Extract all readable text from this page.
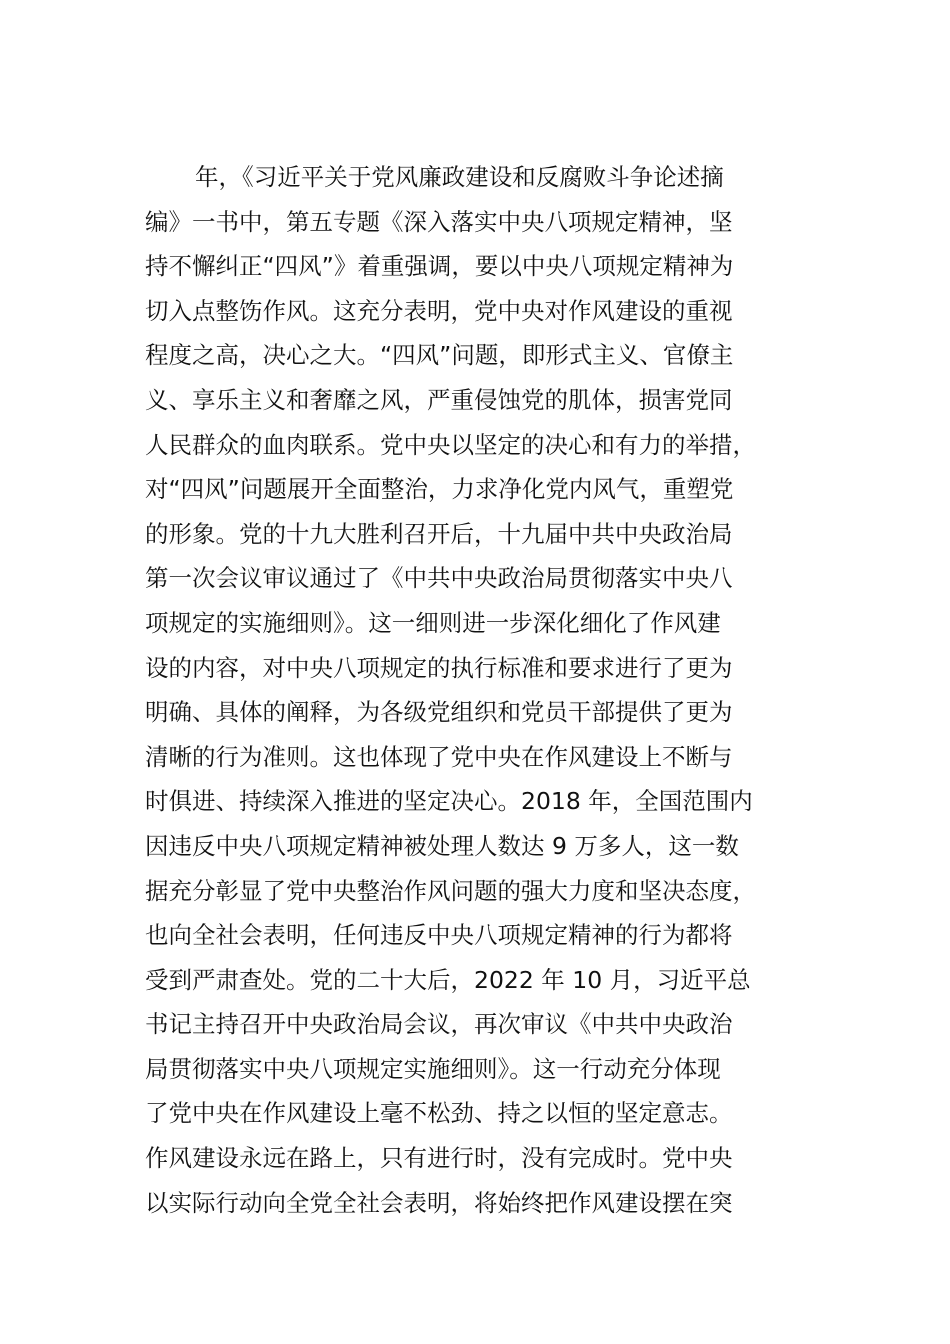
年，《习近平关于党风廉政建设和反腐败斗争论述摘
编》一书中，第五专题《深入落实中央八项规定精神，坚
持不懈纠正“四风”》着重强调，要以中央八项规定精神为
切入点整饬作风。这充分表明，党中央对作风建设的重视
程度之高，决心之大。“四风”问题，即形式主义、官僚主
义、享乐主义和奢靡之风，严重侵蚀党的肌体，损害党同
人民群众的血肉联系。党中央以坚定的决心和有力的举措，
对“四风”问题展开全面整治，力求净化党内风气，重塑党
的形象。党的十九大胜利召开后，十九届中共中央政治局
第一次会议审议通过了《中共中央政治局贯彻落实中央八
项规定的实施细则》。这一细则进一步深化细化了作风建
设的内容，对中央八项规定的执行标准和要求进行了更为
明确、具体的阐释，为各级党组织和党员干部提供了更为
清晰的行为准则。这也体现了党中央在作风建设上不断与
时俱进、持续深入推进的坚定决心。2018 年，全国范围内
因违反中央八项规定精神被处理人数达 9 万多人，这一数
据充分彰显了党中央整治作风问题的强大力度和坚决态度，
也向全社会表明，任何违反中央八项规定精神的行为都将
受到严肃查处。党的二十大后，2022 年 10 月，习近平总
书记主持召开中央政治局会议，再次审议《中共中央政治
局贯彻落实中央八项规定实施细则》。这一行动充分体现
了党中央在作风建设上毫不松劲、持之以恒的坚定意志。
作风建设永远在路上，只有进行时，没有完成时。党中央
以实际行动向全党全社会表明，将始终把作风建设摆在突
